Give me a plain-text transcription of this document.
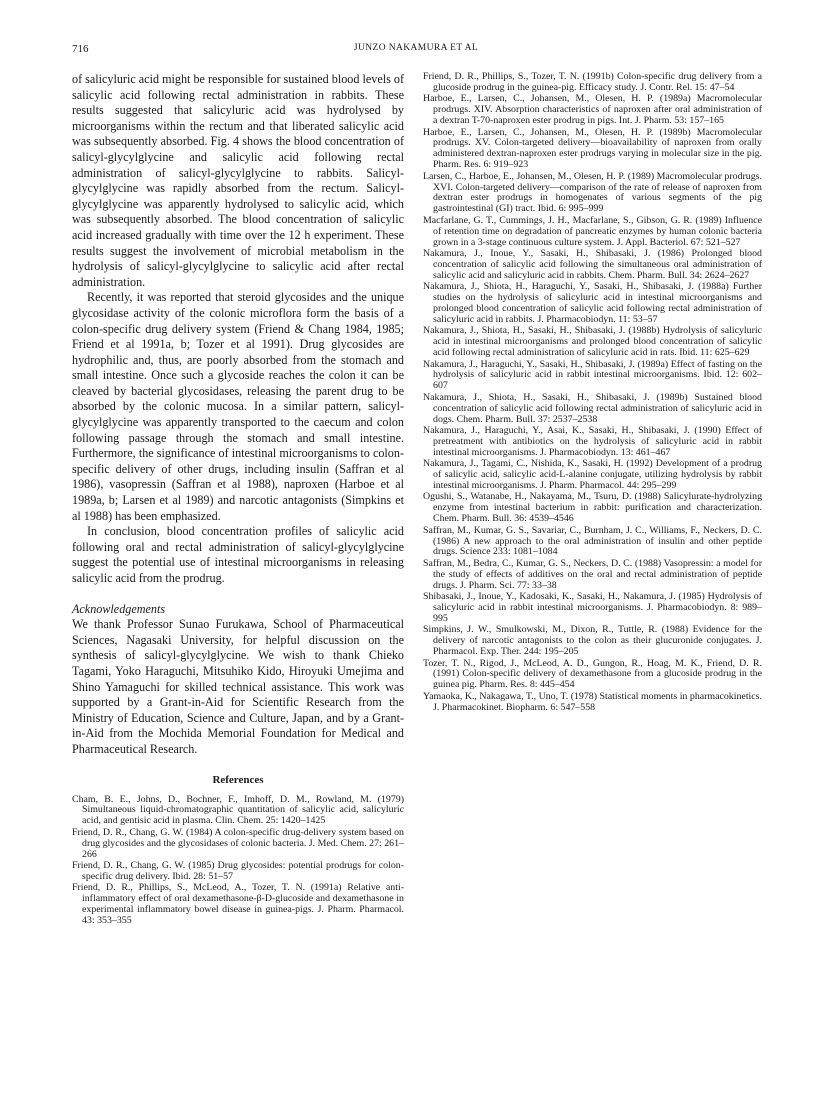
716	JUNZO NAKAMURA ET AL

of salicyluric acid might be responsible for sustained blood levels of salicylic acid following rectal administration in rabbits. These results suggested that salicyluric acid was hydrolysed by microorganisms within the rectum and that liberated salicylic acid was subsequently absorbed. Fig. 4 shows the blood concentration of salicyl-glycylglycine and salicylic acid following rectal administration of salicyl-glycylglycine to rabbits. Salicyl-glycylglycine was rapidly absorbed from the rectum. Salicyl-glycylglycine was apparently hydrolysed to salicylic acid, which was subsequently absorbed. The blood concentration of salicylic acid increased gradually with time over the 12 h experiment. These results suggest the involvement of microbial metabolism in the hydrolysis of salicyl-glycylglycine to salicylic acid after rectal administration.

Recently, it was reported that steroid glycosides and the unique glycosidase activity of the colonic microflora form the basis of a colon-specific drug delivery system (Friend & Chang 1984, 1985; Friend et al 1991a, b; Tozer et al 1991). Drug glycosides are hydrophilic and, thus, are poorly absorbed from the stomach and small intestine. Once such a glycoside reaches the colon it can be cleaved by bacterial glycosidases, releasing the parent drug to be absorbed by the colonic mucosa. In a similar pattern, salicyl-glycylglycine was apparently transported to the caecum and colon following passage through the stomach and small intestine. Furthermore, the significance of intestinal microorganisms to colon-specific delivery of other drugs, including insulin (Saffran et al 1986), vasopressin (Saffran et al 1988), naproxen (Harboe et al 1989a, b; Larsen et al 1989) and narcotic antagonists (Simpkins et al 1988) has been emphasized.

In conclusion, blood concentration profiles of salicylic acid following oral and rectal administration of salicyl-glycylglycine suggest the potential use of intestinal microorganisms in releasing salicylic acid from the prodrug.

Acknowledgements

We thank Professor Sunao Furukawa, School of Pharmaceutical Sciences, Nagasaki University, for helpful discussion on the synthesis of salicyl-glycylglycine. We wish to thank Chieko Tagami, Yoko Haraguchi, Mitsuhiko Kido, Hiroyuki Umejima and Shino Yamaguchi for skilled technical assistance. This work was supported by a Grant-in-Aid for Scientific Research from the Ministry of Education, Science and Culture, Japan, and by a Grant-in-Aid from the Mochida Memorial Foundation for Medical and Pharmaceutical Research.

References
Cham, B. E., Johns, D., Bochner, F., Imhoff, D. M., Rowland, M. (1979) Simultaneous liquid-chromatographic quantitation of salicylic acid, salicyluric acid, and gentisic acid in plasma. Clin. Chem. 25: 1420–1425
Friend, D. R., Chang, G. W. (1984) A colon-specific drug-delivery system based on drug glycosides and the glycosidases of colonic bacteria. J. Med. Chem. 27: 261–266
Friend, D. R., Chang, G. W. (1985) Drug glycosides: potential prodrugs for colon-specific drug delivery. Ibid. 28: 51–57
Friend, D. R., Phillips, S., McLeod, A., Tozer, T. N. (1991a) Relative anti-inflammatory effect of oral dexamethasone-β-D-glucoside and dexamethasone in experimental inflammatory bowel disease in guinea-pigs. J. Pharm. Pharmacol. 43: 353–355
Friend, D. R., Phillips, S., Tozer, T. N. (1991b) Colon-specific drug delivery from a glucoside prodrug in the guinea-pig. Efficacy study. J. Contr. Rel. 15: 47–54
Harboe, E., Larsen, C., Johansen, M., Olesen, H. P. (1989a) Macromolecular prodrugs. XIV. Absorption characteristics of naproxen after oral administration of a dextran T-70-naproxen ester prodrug in pigs. Int. J. Pharm. 53: 157–165
Harboe, E., Larsen, C., Johansen, M., Olesen, H. P. (1989b) Macromolecular prodrugs. XV. Colon-targeted delivery—bioavailability of naproxen from orally administered dextran-naproxen ester prodrugs varying in molecular size in the pig. Pharm. Res. 6: 919–923
Larsen, C., Harboe, E., Johansen, M., Olesen, H. P. (1989) Macromolecular prodrugs. XVI. Colon-targeted delivery—comparison of the rate of release of naproxen from dextran ester prodrugs in homogenates of various segments of the pig gastrointestinal (GI) tract. Ibid. 6: 995–999
Macfarlane, G. T., Cummings, J. H., Macfarlane, S., Gibson, G. R. (1989) Influence of retention time on degradation of pancreatic enzymes by human colonic bacteria grown in a 3-stage continuous culture system. J. Appl. Bacteriol. 67: 521–527
Nakamura, J., Inoue, Y., Sasaki, H., Shibasaki, J. (1986) Prolonged blood concentration of salicylic acid following the simultaneous oral administration of salicylic acid and salicyluric acid in rabbits. Chem. Pharm. Bull. 34: 2624–2627
Nakamura, J., Shiota, H., Haraguchi, Y., Sasaki, H., Shibasaki, J. (1988a) Further studies on the hydrolysis of salicyluric acid in intestinal microorganisms and prolonged blood concentration of salicylic acid following rectal administration of salicyluric acid in rabbits. J. Pharmacobiodyn. 11: 53–57
Nakamura, J., Shiota, H., Sasaki, H., Shibasaki, J. (1988b) Hydrolysis of salicyluric acid in intestinal microorganisms and prolonged blood concentration of salicylic acid following rectal administration of salicyluric acid in rats. Ibid. 11: 625–629
Nakamura, J., Haraguchi, Y., Sasaki, H., Shibasaki, J. (1989a) Effect of fasting on the hydrolysis of salicyluric acid in rabbit intestinal microorganisms. Ibid. 12: 602–607
Nakamura, J., Shiota, H., Sasaki, H., Shibasaki, J. (1989b) Sustained blood concentration of salicylic acid following rectal administration of salicyluric acid in dogs. Chem. Pharm. Bull. 37: 2537–2538
Nakamura, J., Haraguchi, Y., Asai, K., Sasaki, H., Shibasaki, J. (1990) Effect of pretreatment with antibiotics on the hydrolysis of salicyluric acid in rabbit intestinal microorganisms. J. Pharmacobiodyn. 13: 461–467
Nakamura, J., Tagami, C., Nishida, K., Sasaki, H. (1992) Development of a prodrug of salicylic acid, salicylic acid-L-alanine conjugate, utilizing hydrolysis by rabbit intestinal microorganisms. J. Pharm. Pharmacol. 44: 295–299
Ogushi, S., Watanabe, H., Nakayama, M., Tsuru, D. (1988) Salicylurate-hydrolyzing enzyme from intestinal bacterium in rabbit: purification and characterization. Chem. Pharm. Bull. 36: 4539–4546
Saffran, M., Kumar, G. S., Savariar, C., Burnham, J. C., Williams, F., Neckers, D. C. (1986) A new approach to the oral administration of insulin and other peptide drugs. Science 233: 1081–1084
Saffran, M., Bedra, C., Kumar, G. S., Neckers, D. C. (1988) Vasopressin: a model for the study of effects of additives on the oral and rectal administration of peptide drugs. J. Pharm. Sci. 77: 33–38
Shibasaki, J., Inoue, Y., Kadosaki, K., Sasaki, H., Nakamura, J. (1985) Hydrolysis of salicyluric acid in rabbit intestinal microorganisms. J. Pharmacobiodyn. 8: 989–995
Simpkins, J. W., Smulkowski, M., Dixon, R., Tuttle, R. (1988) Evidence for the delivery of narcotic antagonists to the colon as their glucuronide conjugates. J. Pharmacol. Exp. Ther. 244: 195–205
Tozer, T. N., Rigod, J., McLeod, A. D., Gungon, R., Hoag, M. K., Friend, D. R. (1991) Colon-specific delivery of dexamethasone from a glucoside prodrug in the guinea pig. Pharm. Res. 8: 445–454
Yamaoka, K., Nakagawa, T., Uno, T. (1978) Statistical moments in pharmacokinetics. J. Pharmacokinet. Biopharm. 6: 547–558
